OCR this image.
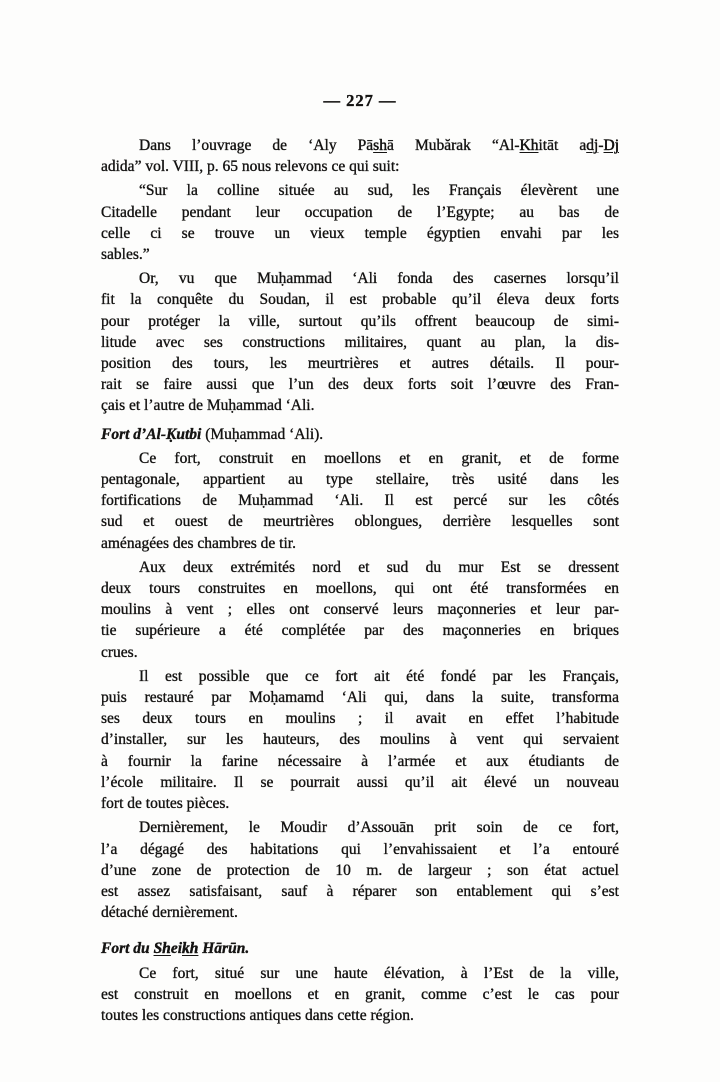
— 227 —
Dans l’ouvrage de ‘Aly Pāshā Mubărak “Al-Khitāt adj-Dj
adida” vol. VIII, p. 65 nous relevons ce qui suit:
“Sur la colline située au sud, les Français élevèrent une
Citadelle pendant leur occupation de l’Egypte; au bas de
celle ci se trouve un vieux temple égyptien envahi par les
sables.”
Or, vu que Muḥammad ‘Ali fonda des casernes lorsqu’il
fit la conquête du Soudan, il est probable qu’il éleva deux forts
pour protéger la ville, surtout qu’ils offrent beaucoup de simi-
litude avec ses constructions militaires, quant au plan, la dis-
position des tours, les meurtrières et autres détails. Il pour-
rait se faire aussi que l’un des deux forts soit l’œuvre des Fran-
çais et l’autre de Muḥammad ‘Ali.
Fort d’Al-Ḳutbi (Muḥammad ‘Ali).
Ce fort, construit en moellons et en granit, et de forme
pentagonale, appartient au type stellaire, très usité dans les
fortifications de Muḥammad ‘Ali. Il est percé sur les côtés
sud et ouest de meurtrières oblongues, derrière lesquelles sont
aménagées des chambres de tir.
Aux deux extrémités nord et sud du mur Est se dressent
deux tours construites en moellons, qui ont été transformées en
moulins à vent ; elles ont conservé leurs maçonneries et leur par-
tie supérieure a été complétée par des maçonneries en briques
crues.
Il est possible que ce fort ait été fondé par les Français,
puis restauré par Moḥamamd ‘Ali qui, dans la suite, transforma
ses deux tours en moulins ; il avait en effet l’habitude
d’installer, sur les hauteurs, des moulins à vent qui servaient
à fournir la farine nécessaire à l’armée et aux étudiants de
l’école militaire. Il se pourrait aussi qu’il ait élevé un nouveau
fort de toutes pièces.
Dernièrement, le Moudir d’Assouān prit soin de ce fort,
l’a dégagé des habitations qui l’envahissaient et l’a entouré
d’une zone de protection de 10 m. de largeur ; son état actuel
est assez satisfaisant, sauf à réparer son entablement qui s’est
détaché dernièrement.
Fort du Sheikh Hārūn.
Ce fort, situé sur une haute élévation, à l’Est de la ville,
est construit en moellons et en granit, comme c’est le cas pour
toutes les constructions antiques dans cette région.
